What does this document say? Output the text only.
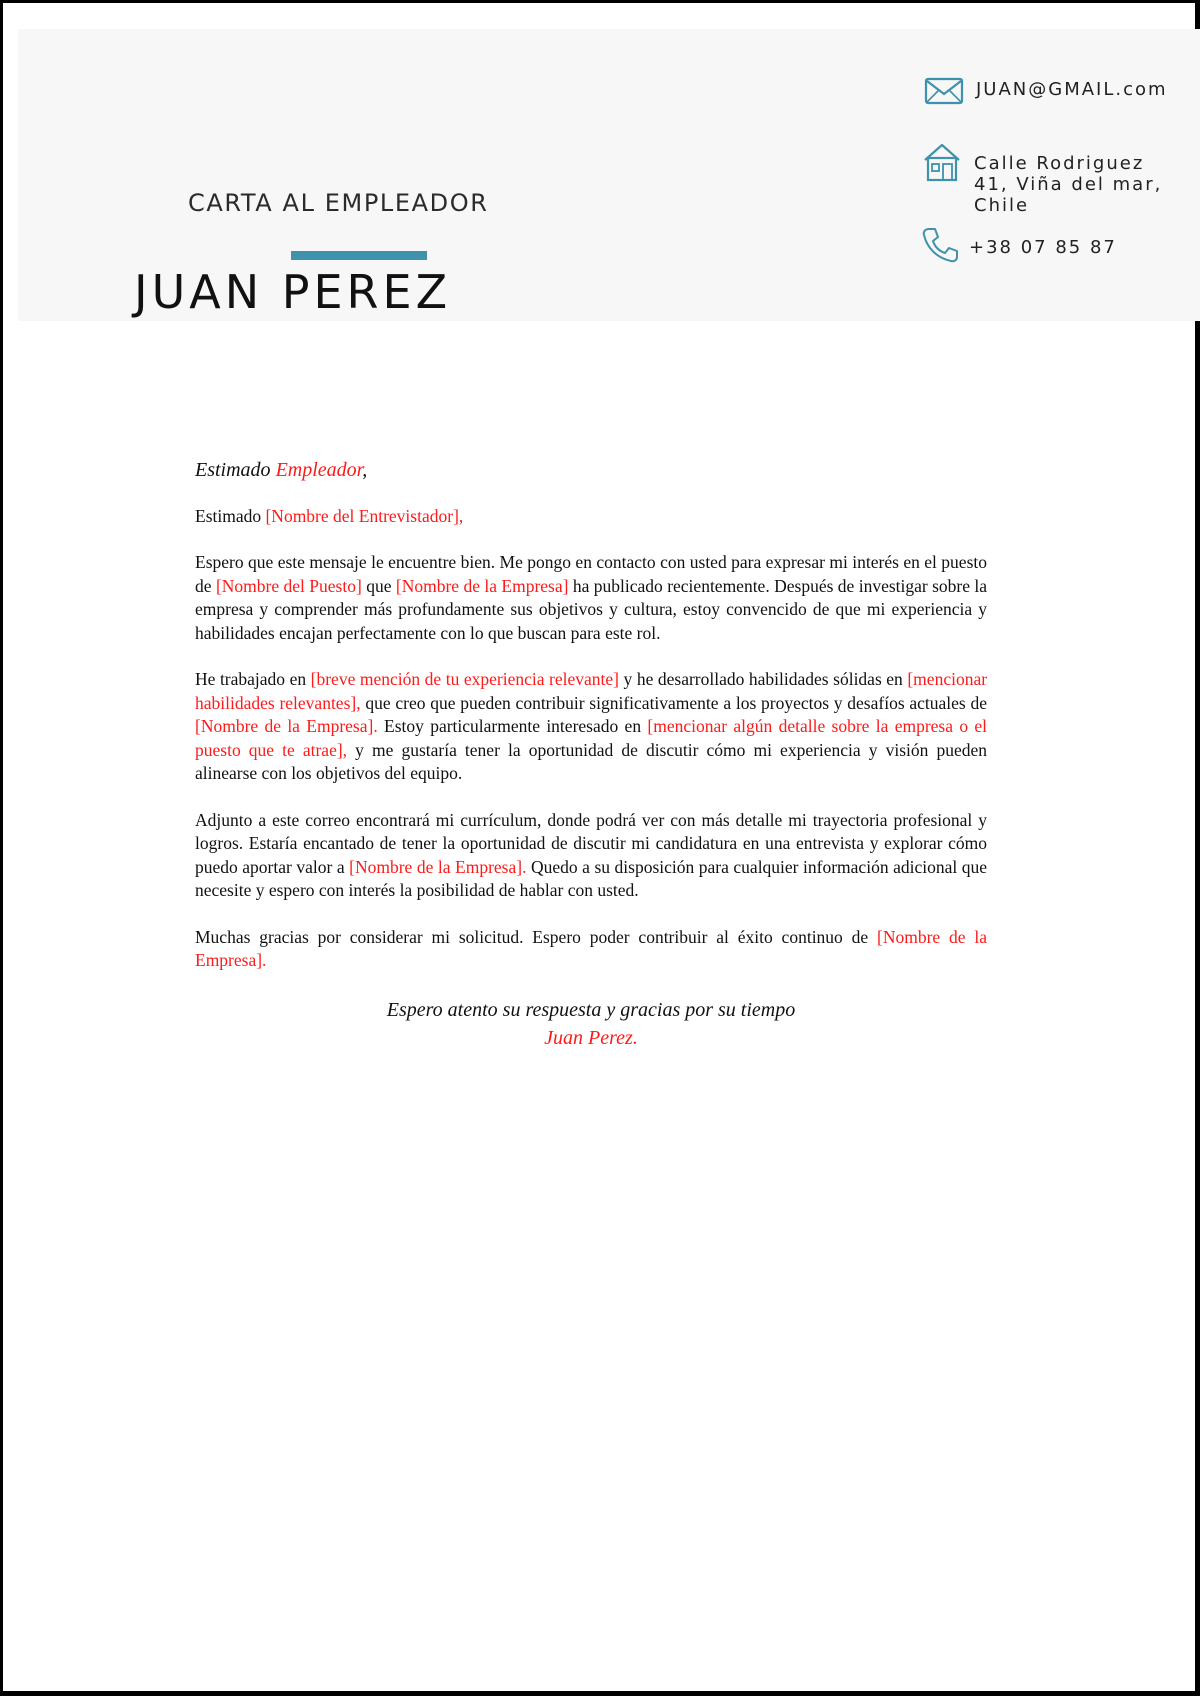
CARTA AL EMPLEADOR
JUAN PEREZ
JUAN@GMAIL.com
Calle Rodriguez 41, Viña del mar, Chile
+38 07 85 87

Estimado Empleador,

Estimado [Nombre del Entrevistador],

Espero que este mensaje le encuentre bien. Me pongo en contacto con usted para expresar mi interés en el puesto de [Nombre del Puesto] que [Nombre de la Empresa] ha publicado recientemente. Después de investigar sobre la empresa y comprender más profundamente sus objetivos y cultura, estoy convencido de que mi experiencia y habilidades encajan perfectamente con lo que buscan para este rol.

He trabajado en [breve mención de tu experiencia relevante] y he desarrollado habilidades sólidas en [mencionar habilidades relevantes], que creo que pueden contribuir significativamente a los proyectos y desafíos actuales de [Nombre de la Empresa]. Estoy particularmente interesado en [mencionar algún detalle sobre la empresa o el puesto que te atrae], y me gustaría tener la oportunidad de discutir cómo mi experiencia y visión pueden alinearse con los objetivos del equipo.

Adjunto a este correo encontrará mi currículum, donde podrá ver con más detalle mi trayectoria profesional y logros. Estaría encantado de tener la oportunidad de discutir mi candidatura en una entrevista y explorar cómo puedo aportar valor a [Nombre de la Empresa]. Quedo a su disposición para cualquier información adicional que necesite y espero con interés la posibilidad de hablar con usted.

Muchas gracias por considerar mi solicitud. Espero poder contribuir al éxito continuo de [Nombre de la Empresa].

Espero atento su respuesta y gracias por su tiempo
Juan Perez.
